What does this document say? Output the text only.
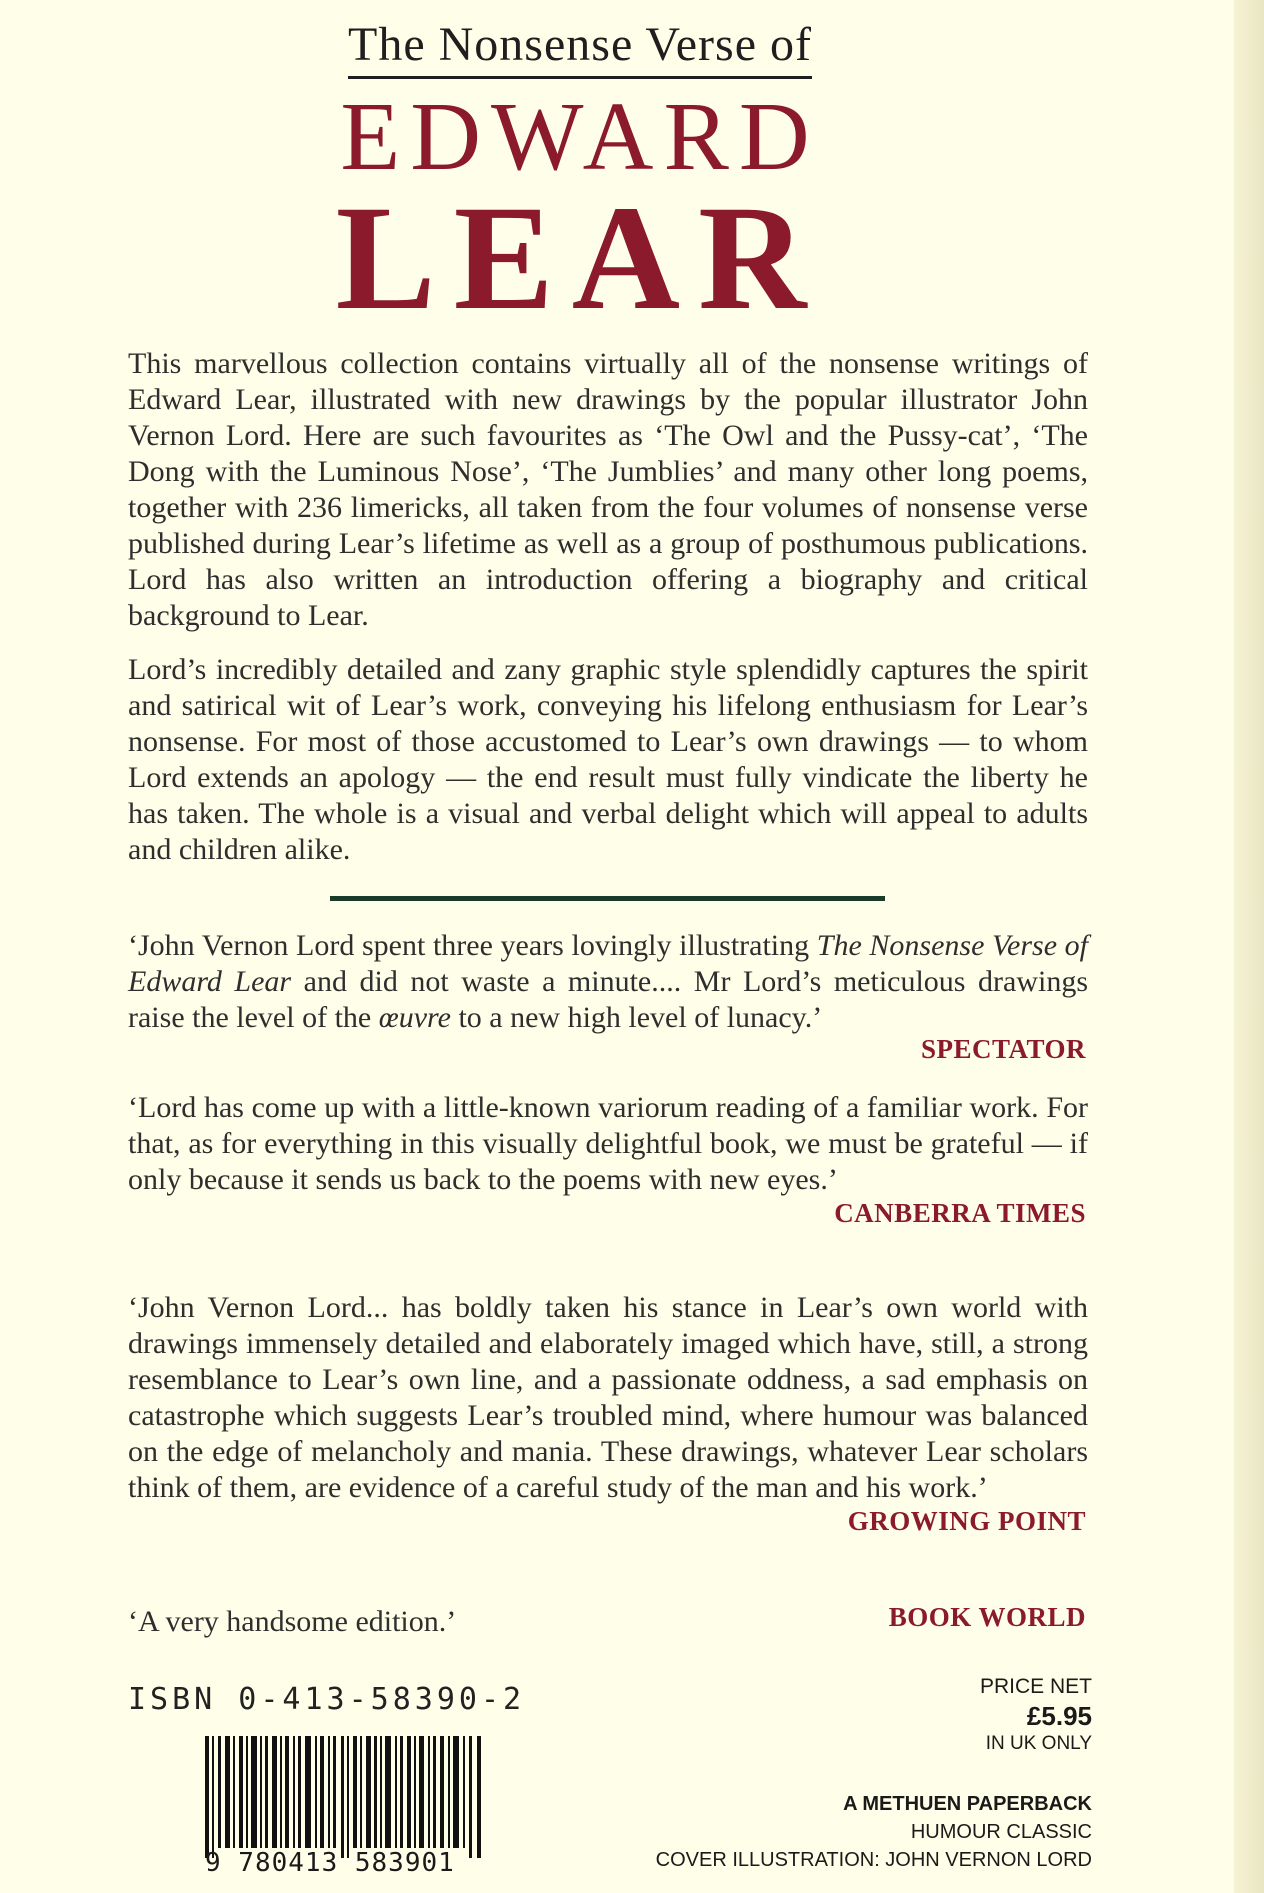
The Nonsense Verse of
EDWARD
LEAR
This marvellous collection contains virtually all of the nonsense writings of Edward Lear, illustrated with new drawings by the popular illustrator John Vernon Lord. Here are such favourites as ‘The Owl and the Pussy-cat’, ‘The Dong with the Luminous Nose’, ‘The Jumblies’ and many other long poems, together with 236 limericks, all taken from the four volumes of nonsense verse published during Lear’s lifetime as well as a group of posthumous publications. Lord has also written an introduction offering a biography and critical background to Lear.
Lord’s incredibly detailed and zany graphic style splendidly captures the spirit and satirical wit of Lear’s work, conveying his lifelong enthusiasm for Lear’s nonsense. For most of those accustomed to Lear’s own drawings — to whom Lord extends an apology — the end result must fully vindicate the liberty he has taken. The whole is a visual and verbal delight which will appeal to adults and children alike.
‘John Vernon Lord spent three years lovingly illustrating The Nonsense Verse of Edward Lear and did not waste a minute.... Mr Lord’s meticulous drawings raise the level of the œuvre to a new high level of lunacy.’
SPECTATOR
‘Lord has come up with a little-known variorum reading of a familiar work. For that, as for everything in this visually delightful book, we must be grateful — if only because it sends us back to the poems with new eyes.’
CANBERRA TIMES
‘John Vernon Lord... has boldly taken his stance in Lear’s own world with drawings immensely detailed and elaborately imaged which have, still, a strong resemblance to Lear’s own line, and a passionate oddness, a sad emphasis on catastrophe which suggests Lear’s troubled mind, where humour was balanced on the edge of melancholy and mania. These drawings, whatever Lear scholars think of them, are evidence of a careful study of the man and his work.’
GROWING POINT
‘A very handsome edition.’	BOOK WORLD
ISBN 0-413-58390-2
9 780413 583901
PRICE NET
£5.95
IN UK ONLY
A METHUEN PAPERBACK
HUMOUR CLASSIC
COVER ILLUSTRATION: JOHN VERNON LORD
